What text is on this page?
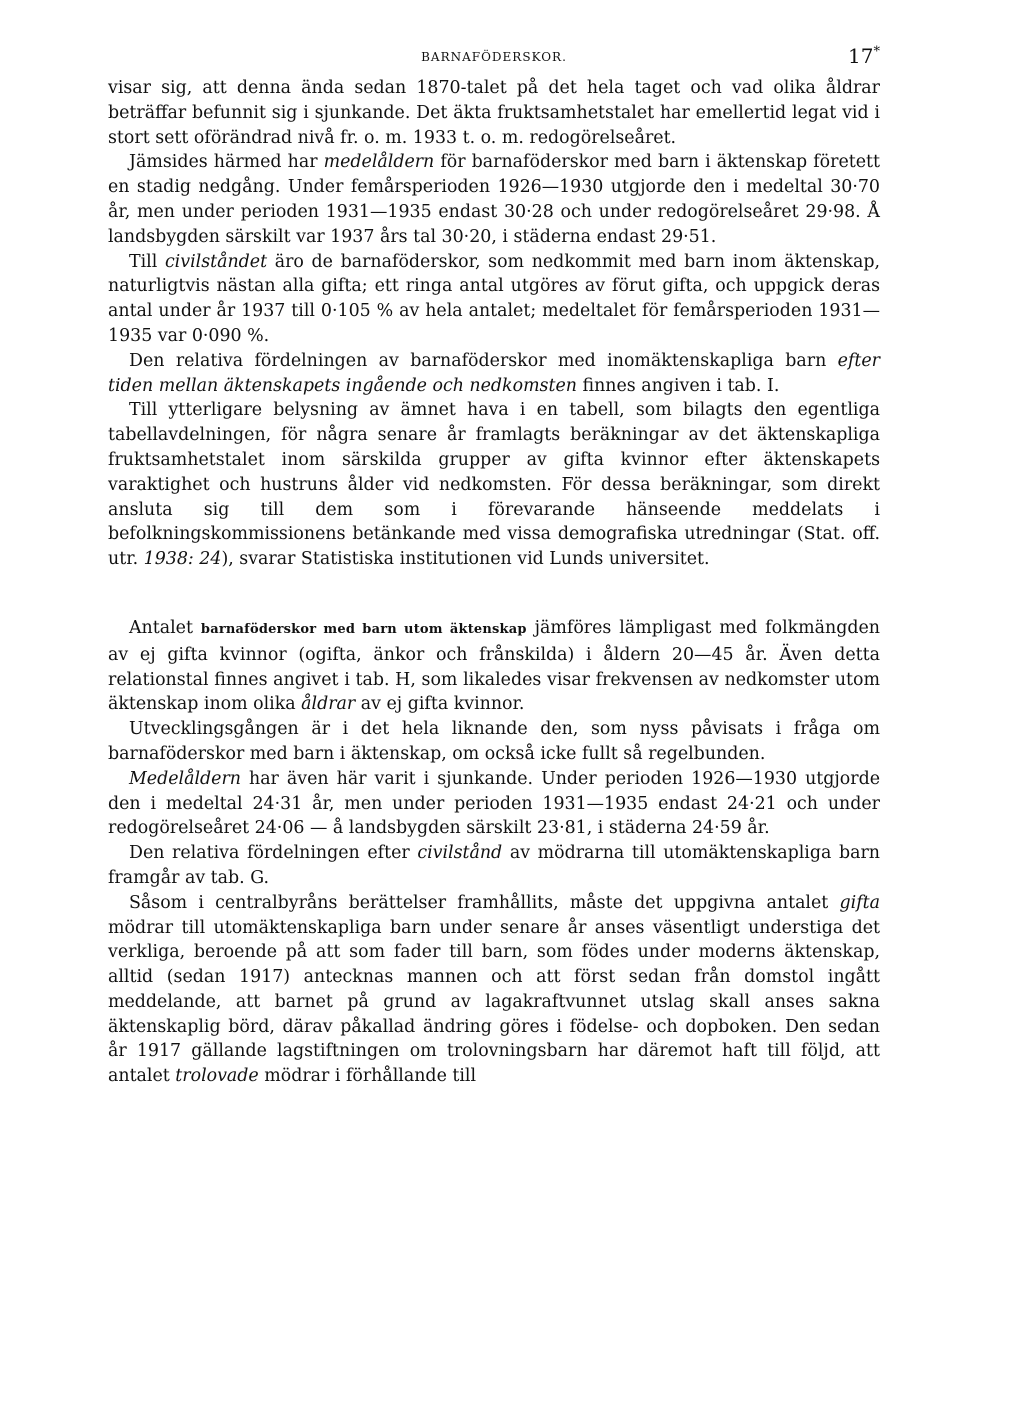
BARNAFÖDERSKOR.	17*

visar sig, att denna ända sedan 1870-talet på det hela taget och vad olika åldrar beträffar befunnit sig i sjunkande. Det äkta fruktsamhetstalet har emellertid legat vid i stort sett oförändrad nivå fr. o. m. 1933 t. o. m. redogörelseåret.

Jämsides härmed har medelåldern för barnaföderskor med barn i äktenskap företett en stadig nedgång. Under femårsperioden 1926—1930 utgjorde den i medeltal 30·70 år, men under perioden 1931—1935 endast 30·28 och under redogörelseåret 29·98. Å landsbygden särskilt var 1937 års tal 30·20, i städerna endast 29·51.

Till civilståndet äro de barnaföderskor, som nedkommit med barn inom äktenskap, naturligtvis nästan alla gifta; ett ringa antal utgöres av förut gifta, och uppgick deras antal under år 1937 till 0·105 % av hela antalet; medeltalet för femårsperioden 1931—1935 var 0·090 %.

Den relativa fördelningen av barnaföderskor med inomäktenskapliga barn efter tiden mellan äktenskapets ingående och nedkomsten finnes angiven i tab. I.

Till ytterligare belysning av ämnet hava i en tabell, som bilagts den egentliga tabellavdelningen, för några senare år framlagts beräkningar av det äktenskapliga fruktsamhetstalet inom särskilda grupper av gifta kvinnor efter äktenskapets varaktighet och hustruns ålder vid nedkomsten. För dessa beräkningar, som direkt ansluta sig till dem som i förevarande hänseende meddelats i befolkningskommissionens betänkande med vissa demografiska utredningar (Stat. off. utr. 1938: 24), svarar Statistiska institutionen vid Lunds universitet.

Antalet barnaföderskor med barn utom äktenskap jämföres lämpligast med folkmängden av ej gifta kvinnor (ogifta, änkor och frånskilda) i åldern 20—45 år. Även detta relationstal finnes angivet i tab. H, som likaledes visar frekvensen av nedkomster utom äktenskap inom olika åldrar av ej gifta kvinnor.

Utvecklingsgången är i det hela liknande den, som nyss påvisats i fråga om barnaföderskor med barn i äktenskap, om också icke fullt så regelbunden.

Medelåldern har även här varit i sjunkande. Under perioden 1926—1930 utgjorde den i medeltal 24·31 år, men under perioden 1931—1935 endast 24·21 och under redogörelseåret 24·06 — å landsbygden särskilt 23·81, i städerna 24·59 år.

Den relativa fördelningen efter civilstånd av mödrarna till utomäktenskapliga barn framgår av tab. G.

Såsom i centralbyråns berättelser framhållits, måste det uppgivna antalet gifta mödrar till utomäktenskapliga barn under senare år anses väsentligt understiga det verkliga, beroende på att som fader till barn, som födes under moderns äktenskap, alltid (sedan 1917) antecknas mannen och att först sedan från domstol ingått meddelande, att barnet på grund av lagakraftvunnet utslag skall anses sakna äktenskaplig börd, därav påkallad ändring göres i födelse- och dopboken. Den sedan år 1917 gällande lagstiftningen om trolovningsbarn har däremot haft till följd, att antalet trolovade mödrar i förhållande till
